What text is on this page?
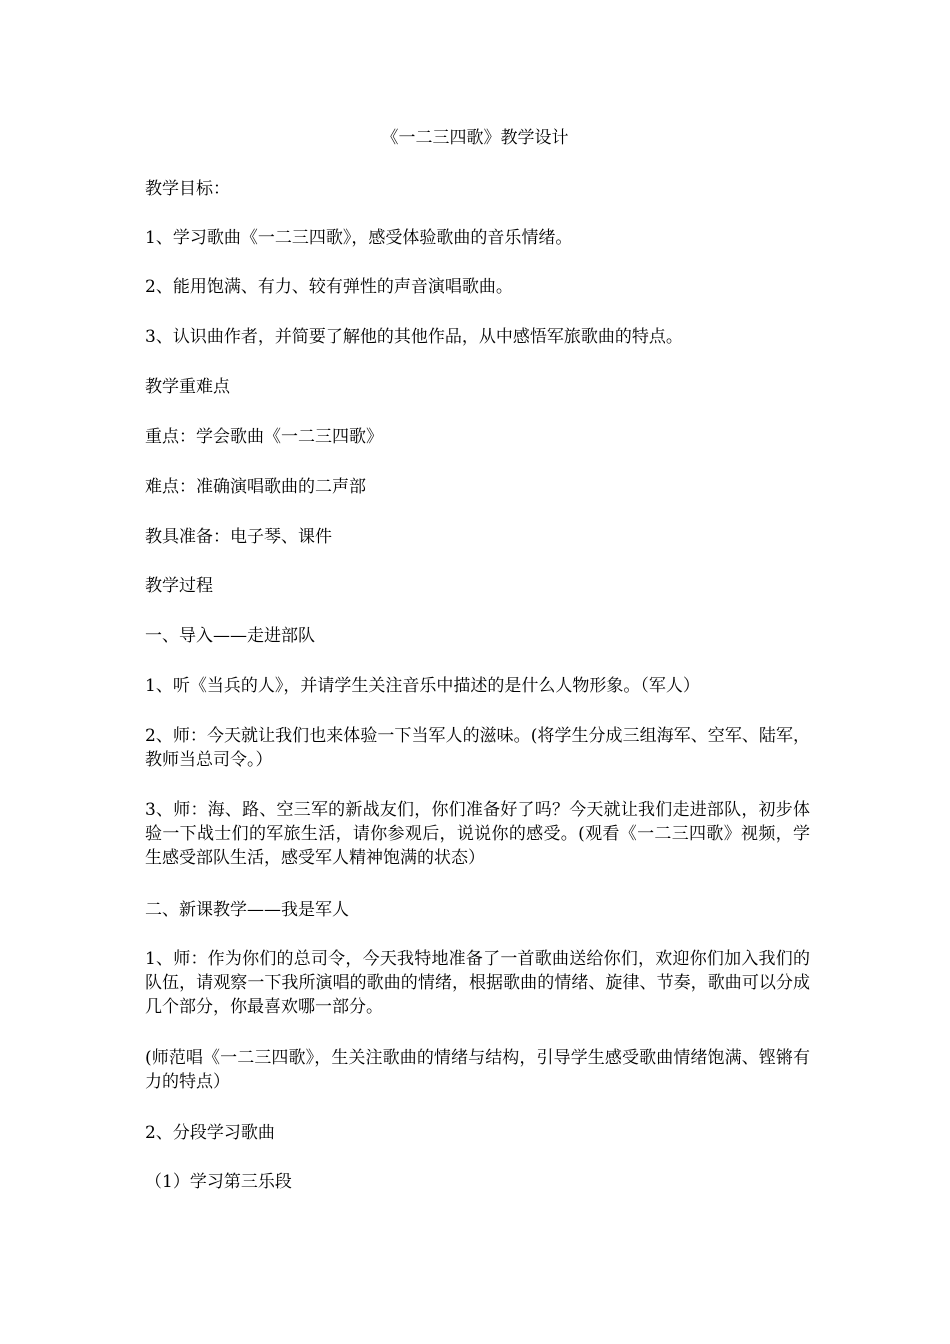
《一二三四歌》教学设计

教学目标：

1、学习歌曲《一二三四歌》，感受体验歌曲的音乐情绪。

2、能用饱满、有力、较有弹性的声音演唱歌曲。

3、认识曲作者，并简要了解他的其他作品，从中感悟军旅歌曲的特点。

教学重难点

重点：学会歌曲《一二三四歌》

难点：准确演唱歌曲的二声部

教具准备：电子琴、课件

教学过程

一、导入——走进部队

1、听《当兵的人》，并请学生关注音乐中描述的是什么人物形象。（军人）

2、师：今天就让我们也来体验一下当军人的滋味。(将学生分成三组海军、空军、陆军，教师当总司令。）

3、师：海、路、空三军的新战友们，你们准备好了吗？今天就让我们走进部队，初步体验一下战士们的军旅生活，请你参观后，说说你的感受。(观看《一二三四歌》视频，学生感受部队生活，感受军人精神饱满的状态）

二、新课教学——我是军人

1、师：作为你们的总司令，今天我特地准备了一首歌曲送给你们，欢迎你们加入我们的队伍，请观察一下我所演唱的歌曲的情绪，根据歌曲的情绪、旋律、节奏，歌曲可以分成几个部分，你最喜欢哪一部分。

(师范唱《一二三四歌》，生关注歌曲的情绪与结构，引导学生感受歌曲情绪饱满、铿锵有力的特点）

2、分段学习歌曲

（1）学习第三乐段
